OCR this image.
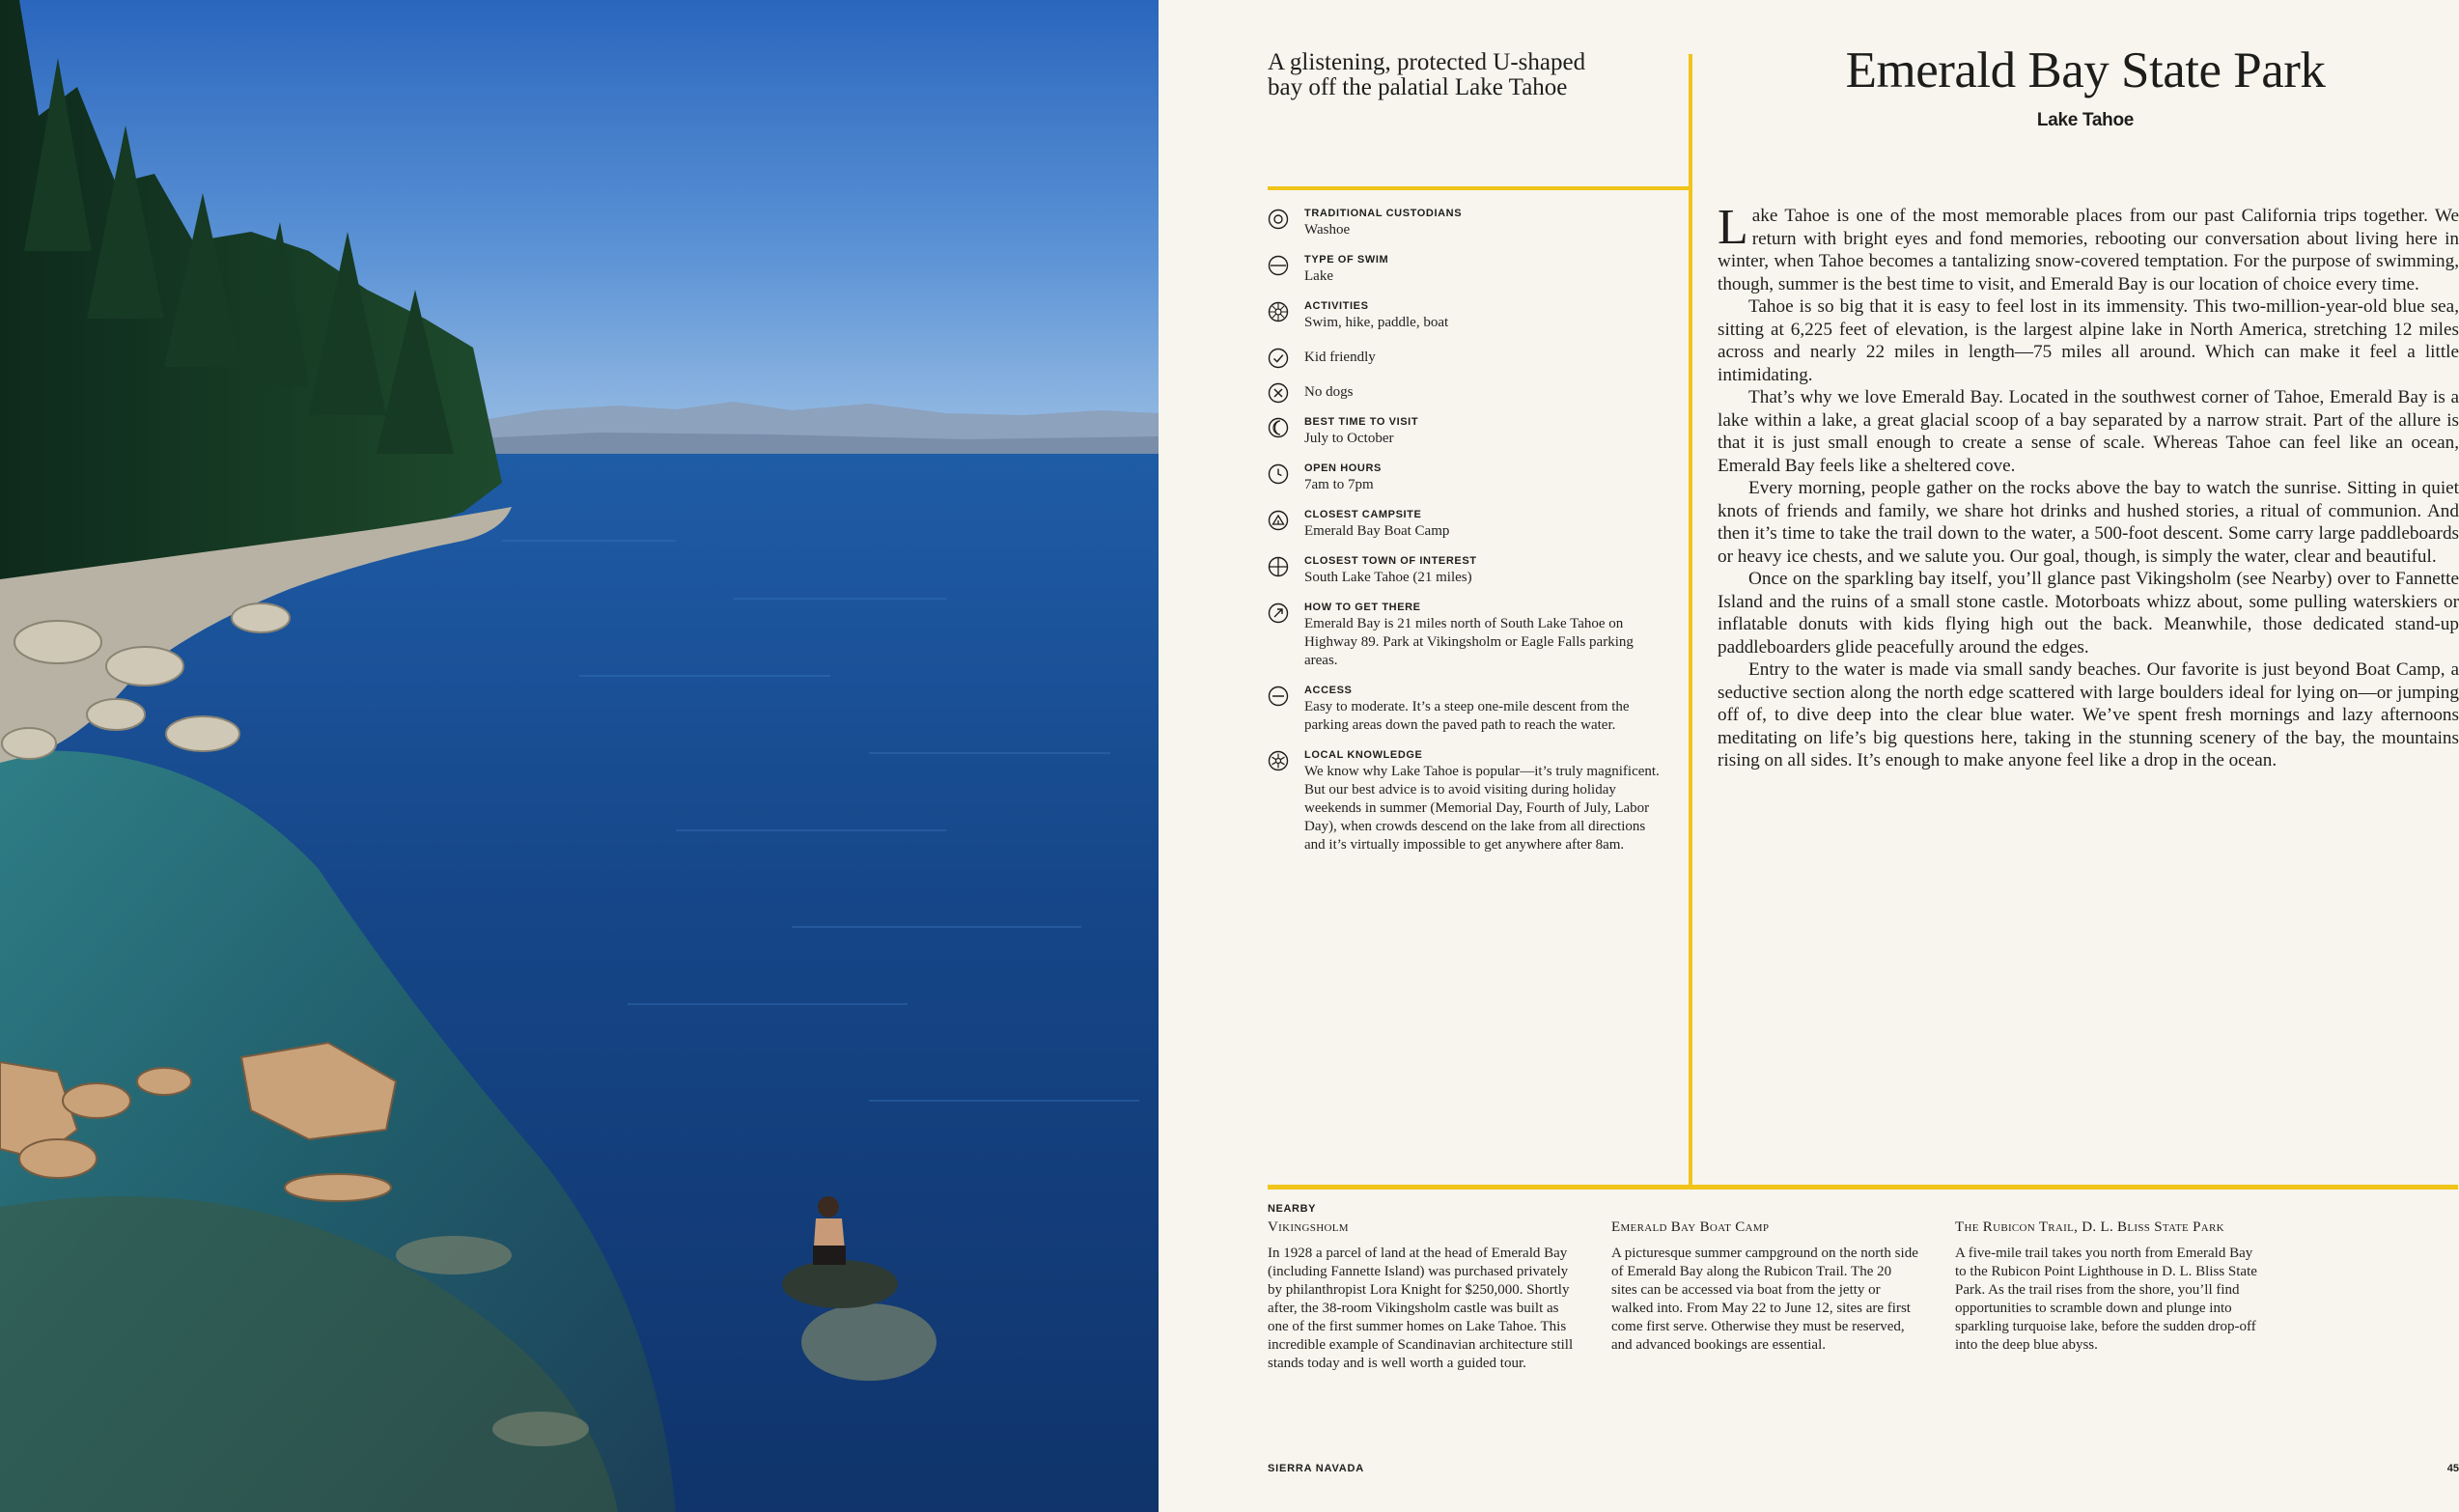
A glistening, protected U-shaped bay off the palatial Lake Tahoe	Emerald Bay State Park
Lake Tahoe
TRADITIONAL CUSTODIANS
Washoe
TYPE OF SWIM
Lake
ACTIVITIES
Swim, hike, paddle, boat
Kid friendly
No dogs
BEST TIME TO VISIT
July to October
OPEN HOURS
7am to 7pm
CLOSEST CAMPSITE
Emerald Bay Boat Camp
CLOSEST TOWN OF INTEREST
South Lake Tahoe (21 miles)
HOW TO GET THERE
Emerald Bay is 21 miles north of South Lake Tahoe on Highway 89. Park at Vikingsholm or Eagle Falls parking areas.
ACCESS
Easy to moderate. It’s a steep one-mile descent from the parking areas down the paved path to reach the water.
LOCAL KNOWLEDGE
We know why Lake Tahoe is popular—it’s truly magnificent. But our best advice is to avoid visiting during holiday weekends in summer (Memorial Day, Fourth of July, Labor Day), when crowds descend on the lake from all directions and it’s virtually impossible to get anywhere after 8am.

Lake Tahoe is one of the most memorable places from our past California trips together. We return with bright eyes and fond memories, rebooting our conversation about living here in winter, when Tahoe becomes a tantalizing snow-covered temptation. For the purpose of swimming, though, summer is the best time to visit, and Emerald Bay is our location of choice every time.

Tahoe is so big that it is easy to feel lost in its immensity. This two-million-year-old blue sea, sitting at 6,225 feet of elevation, is the largest alpine lake in North America, stretching 12 miles across and nearly 22 miles in length—75 miles all around. Which can make it feel a little intimidating.

That’s why we love Emerald Bay. Located in the southwest corner of Tahoe, Emerald Bay is a lake within a lake, a great glacial scoop of a bay separated by a narrow strait. Part of the allure is that it is just small enough to create a sense of scale. Whereas Tahoe can feel like an ocean, Emerald Bay feels like a sheltered cove.

Every morning, people gather on the rocks above the bay to watch the sunrise. Sitting in quiet knots of friends and family, we share hot drinks and hushed stories, a ritual of communion. And then it’s time to take the trail down to the water, a 500-foot descent. Some carry large paddleboards or heavy ice chests, and we salute you. Our goal, though, is simply the water, clear and beautiful.

Once on the sparkling bay itself, you’ll glance past Vikingsholm (see Nearby) over to Fannette Island and the ruins of a small stone castle. Motorboats whizz about, some pulling waterskiers or inflatable donuts with kids flying high out the back. Meanwhile, those dedicated stand-up paddleboarders glide peacefully around the edges.

Entry to the water is made via small sandy beaches. Our favorite is just beyond Boat Camp, a seductive section along the north edge scattered with large boulders ideal for lying on—or jumping off of, to dive deep into the clear blue water. We’ve spent fresh mornings and lazy afternoons meditating on life’s big questions here, taking in the stunning scenery of the bay, the mountains rising on all sides. It’s enough to make anyone feel like a drop in the ocean.

NEARBY
Vikingsholm
In 1928 a parcel of land at the head of Emerald Bay (including Fannette Island) was purchased privately by philanthropist Lora Knight for $250,000. Shortly after, the 38-room Vikingsholm castle was built as one of the first summer homes on Lake Tahoe. This incredible example of Scandinavian architecture still stands today and is well worth a guided tour.
Emerald Bay Boat Camp
A picturesque summer campground on the north side of Emerald Bay along the Rubicon Trail. The 20 sites can be accessed via boat from the jetty or walked into. From May 22 to June 12, sites are first come first serve. Otherwise they must be reserved, and advanced bookings are essential.
The Rubicon Trail, D. L. Bliss State Park
A five-mile trail takes you north from Emerald Bay to the Rubicon Point Lighthouse in D. L. Bliss State Park. As the trail rises from the shore, you’ll find opportunities to scramble down and plunge into sparkling turquoise lake, before the sudden drop-off into the deep blue abyss.
SIERRA NAVADA	45
